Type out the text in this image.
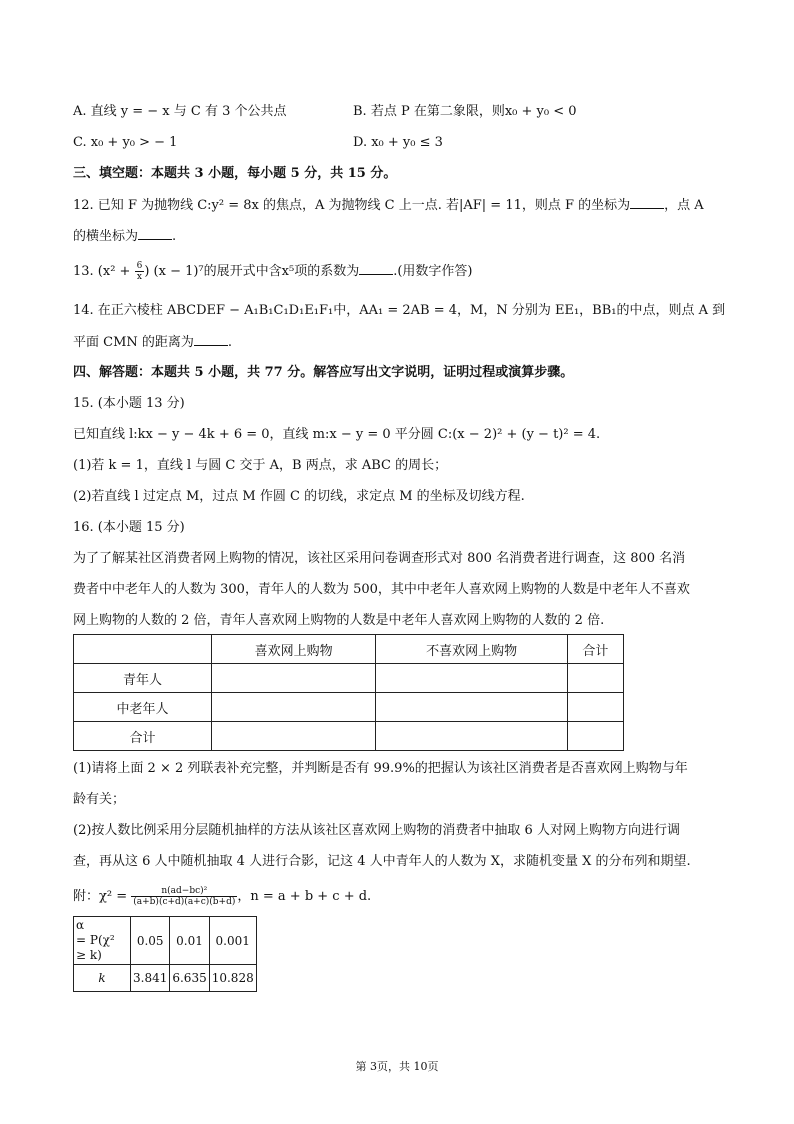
A. 直线 y = − x 与 C 有 3 个公共点	B. 若点 P 在第二象限，则x₀ + y₀ < 0
C. x₀ + y₀ > − 1	D. x₀ + y₀ ≤ 3
三、填空题：本题共 3 小题，每小题 5 分，共 15 分。
12. 已知 F 为抛物线 C:y² = 8x 的焦点，A 为抛物线 C 上一点. 若|AF| = 11，则点 F 的坐标为	，点 A
的横坐标为	.
13. ($x^2 + \frac{6}{x}$ ) (x − 1)⁷的展开式中含x⁵项的系数为	.(用数字作答)
14. 在正六棱柱 ABCDEF − A₁B₁C₁D₁E₁F₁中，AA₁ = 2AB = 4，M，N 分别为 EE₁，BB₁的中点，则点 A 到
平面 CMN 的距离为	.
四、解答题：本题共 5 小题，共 77 分。解答应写出文字说明，证明过程或演算步骤。
15. (本小题 13 分)
已知直线 l:kx − y − 4k + 6 = 0，直线 m:x − y = 0 平分圆 C:(x − 2)² + (y − t)² = 4.
(1)若 k = 1，直线 l 与圆 C 交于 A，B 两点，求 ABC 的周长；
(2)若直线 l 过定点 M，过点 M 作圆 C 的切线，求定点 M 的坐标及切线方程.
16. (本小题 15 分)
为了了解某社区消费者网上购物的情况，该社区采用问卷调查形式对 800 名消费者进行调查，这 800 名消
费者中中老年人的人数为 300，青年人的人数为 500，其中中老年人喜欢网上购物的人数是中老年人不喜欢
网上购物的人数的 2 倍，青年人喜欢网上购物的人数是中老年人喜欢网上购物的人数的 2 倍.
	喜欢网上购物	不喜欢网上购物	合计
青年人			
中老年人			
合计			
(1)请将上面 2 × 2 列联表补充完整，并判断是否有 99.9%的把握认为该社区消费者是否喜欢网上购物与年
龄有关；
(2)按人数比例采用分层随机抽样的方法从该社区喜欢网上购物的消费者中抽取 6 人对网上购物方向进行调
查，再从这 6 人中随机抽取 4 人进行合影，记这 4 人中青年人的人数为 X，求随机变量 X 的分布列和期望.
附：$\chi^2 = \frac{\text{n(ad−bc)²}}{(a+b)(c+d)(a+c)(b+d)}$ ，n = a + b + c + d.
α
= P(χ²
≥ k)	0.05	0.01	0.001
k	3.841	6.635	10.828
第 3页，共 10页
